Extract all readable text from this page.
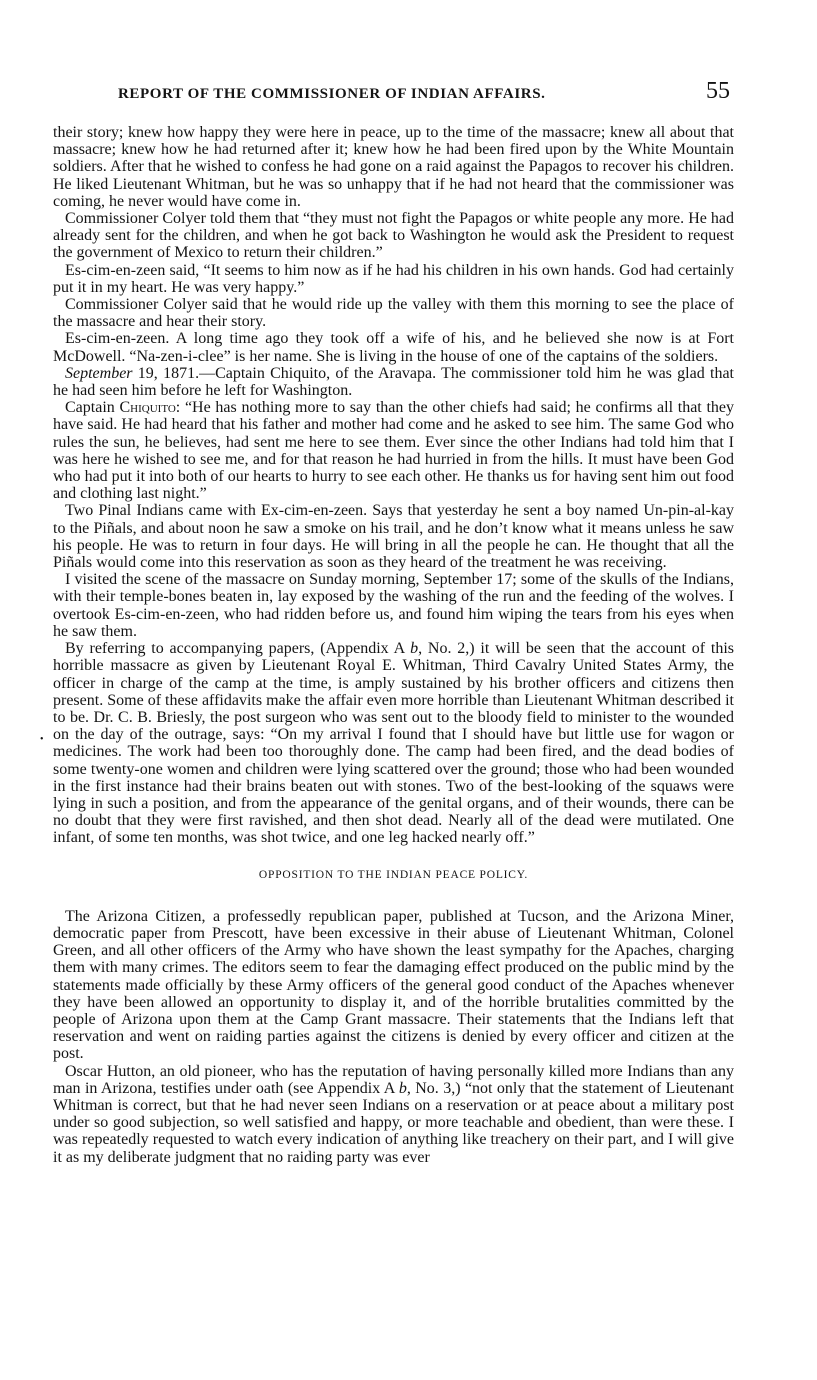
REPORT OF THE COMMISSIONER OF INDIAN AFFAIRS.	55
•

their story; knew how happy they were here in peace, up to the time of the massacre; knew all about that massacre; knew how he had returned after it; knew how he had been fired upon by the White Mountain soldiers. After that he wished to confess he had gone on a raid against the Papagos to recover his children. He liked Lieutenant Whitman, but he was so unhappy that if he had not heard that the commissioner was coming, he never would have come in.

Commissioner Colyer told them that “they must not fight the Papagos or white people any more. He had already sent for the children, and when he got back to Washington he would ask the President to request the government of Mexico to return their children.”

Es-cim-en-zeen said, “It seems to him now as if he had his children in his own hands. God had certainly put it in my heart. He was very happy.”

Commissioner Colyer said that he would ride up the valley with them this morning to see the place of the massacre and hear their story.

Es-cim-en-zeen. A long time ago they took off a wife of his, and he believed she now is at Fort McDowell. “Na-zen-i-clee” is her name. She is living in the house of one of the captains of the soldiers.

September 19, 1871.—Captain Chiquito, of the Aravapa. The commissioner told him he was glad that he had seen him before he left for Washington.

Captain Chiquito: “He has nothing more to say than the other chiefs had said; he confirms all that they have said. He had heard that his father and mother had come and he asked to see him. The same God who rules the sun, he believes, had sent me here to see them. Ever since the other Indians had told him that I was here he wished to see me, and for that reason he had hurried in from the hills. It must have been God who had put it into both of our hearts to hurry to see each other. He thanks us for having sent him out food and clothing last night.”

Two Pinal Indians came with Ex-cim-en-zeen. Says that yesterday he sent a boy named Un-pin-al-kay to the Piñals, and about noon he saw a smoke on his trail, and he don’t know what it means unless he saw his people. He was to return in four days. He will bring in all the people he can. He thought that all the Piñals would come into this reservation as soon as they heard of the treatment he was receiving.

I visited the scene of the massacre on Sunday morning, September 17; some of the skulls of the Indians, with their temple-bones beaten in, lay exposed by the washing of the run and the feeding of the wolves. I overtook Es-cim-en-zeen, who had ridden before us, and found him wiping the tears from his eyes when he saw them.

By referring to accompanying papers, (Appendix A b, No. 2,) it will be seen that the account of this horrible massacre as given by Lieutenant Royal E. Whitman, Third Cavalry United States Army, the officer in charge of the camp at the time, is amply sustained by his brother officers and citizens then present. Some of these affidavits make the affair even more horrible than Lieutenant Whitman described it to be. Dr. C. B. Briesly, the post surgeon who was sent out to the bloody field to minister to the wounded on the day of the outrage, says: “On my arrival I found that I should have but little use for wagon or medicines. The work had been too thoroughly done. The camp had been fired, and the dead bodies of some twenty-one women and children were lying scattered over the ground; those who had been wounded in the first instance had their brains beaten out with stones. Two of the best-looking of the squaws were lying in such a position, and from the appearance of the genital organs, and of their wounds, there can be no doubt that they were first ravished, and then shot dead. Nearly all of the dead were mutilated. One infant, of some ten months, was shot twice, and one leg hacked nearly off.”

OPPOSITION TO THE INDIAN PEACE POLICY.

The Arizona Citizen, a professedly republican paper, published at Tucson, and the Arizona Miner, democratic paper from Prescott, have been excessive in their abuse of Lieutenant Whitman, Colonel Green, and all other officers of the Army who have shown the least sympathy for the Apaches, charging them with many crimes. The editors seem to fear the damaging effect produced on the public mind by the statements made officially by these Army officers of the general good conduct of the Apaches whenever they have been allowed an opportunity to display it, and of the horrible brutalities committed by the people of Arizona upon them at the Camp Grant massacre. Their statements that the Indians left that reservation and went on raiding parties against the citizens is denied by every officer and citizen at the post.

Oscar Hutton, an old pioneer, who has the reputation of having personally killed more Indians than any man in Arizona, testifies under oath (see Appendix A b, No. 3,) “not only that the statement of Lieutenant Whitman is correct, but that he had never seen Indians on a reservation or at peace about a military post under so good subjection, so well satisfied and happy, or more teachable and obedient, than were these. I was repeatedly requested to watch every indication of anything like treachery on their part, and I will give it as my deliberate judgment that no raiding party was ever
